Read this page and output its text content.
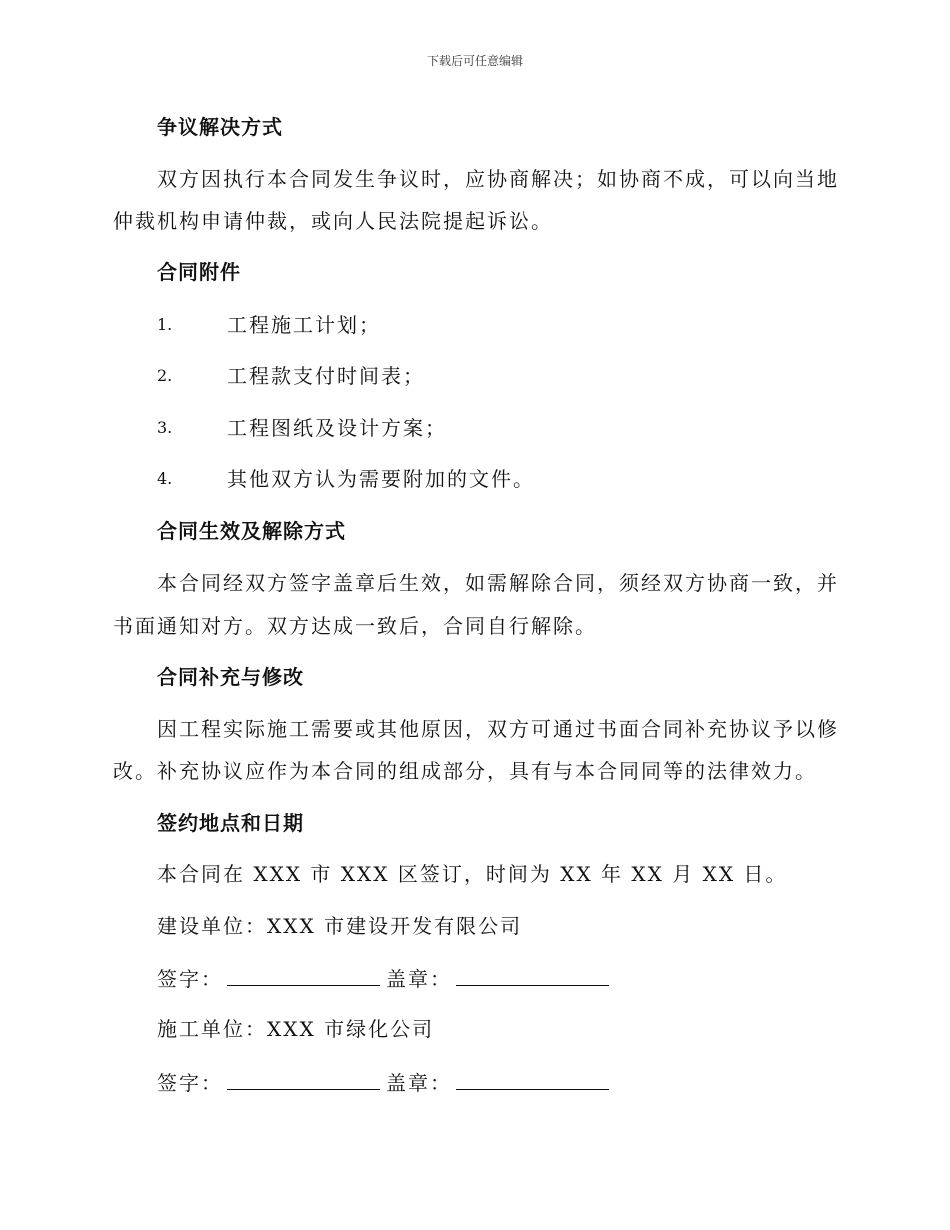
下载后可任意编辑
争议解决方式
双方因执行本合同发生争议时，应协商解决；如协商不成，可以向当地
仲裁机构申请仲裁，或向人民法院提起诉讼。
合同附件
1.	工程施工计划；
2.	工程款支付时间表；
3.	工程图纸及设计方案；
4.	其他双方认为需要附加的文件。
合同生效及解除方式
本合同经双方签字盖章后生效，如需解除合同，须经双方协商一致，并
书面通知对方。双方达成一致后，合同自行解除。
合同补充与修改
因工程实际施工需要或其他原因，双方可通过书面合同补充协议予以修
改。补充协议应作为本合同的组成部分，具有与本合同同等的法律效力。
签约地点和日期
本合同在 XXX 市 XXX 区签订，时间为 XX 年 XX 月 XX 日。
建设单位：XXX 市建设开发有限公司
签字：	盖章：
施工单位：XXX 市绿化公司
签字：	盖章：
